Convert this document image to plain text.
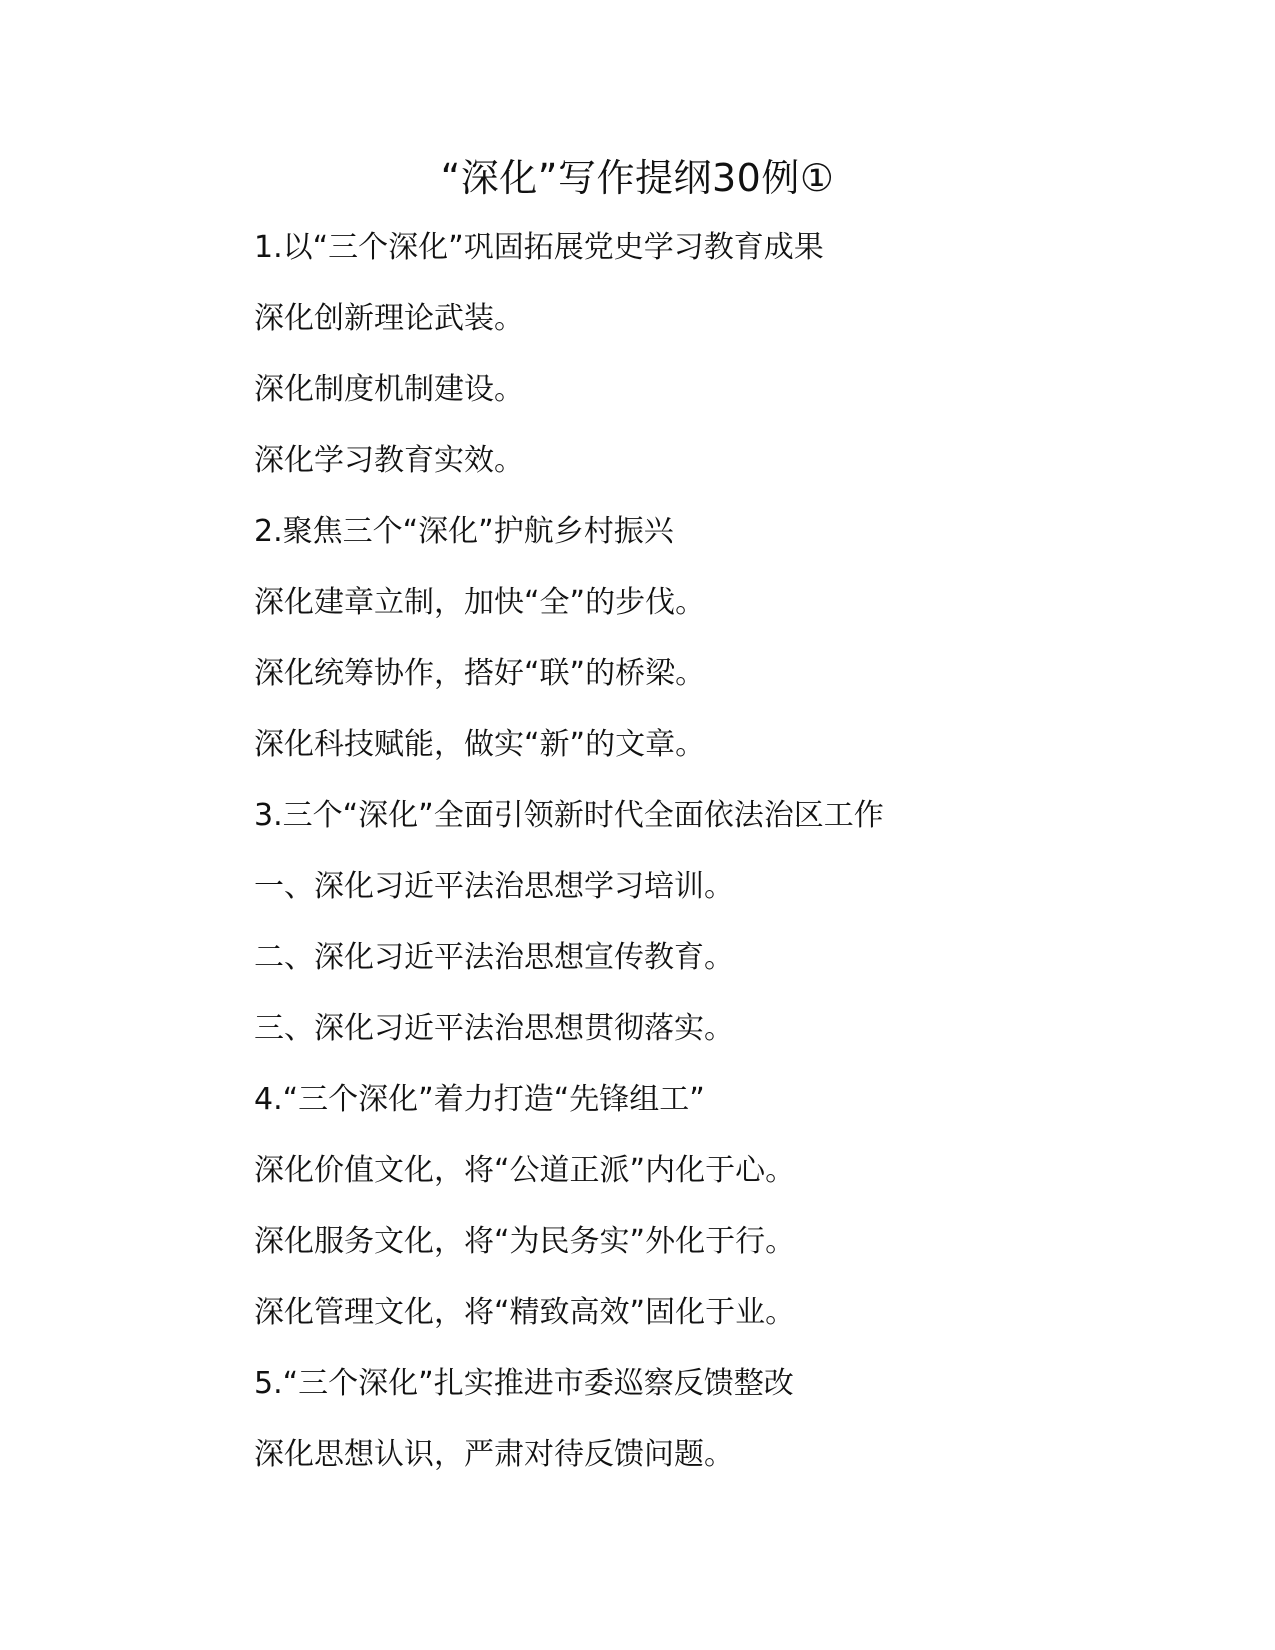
“深化”写作提纲30例①
1.以“三个深化”巩固拓展党史学习教育成果
深化创新理论武装。
深化制度机制建设。
深化学习教育实效。
2.聚焦三个“深化”护航乡村振兴
深化建章立制，加快“全”的步伐。
深化统筹协作，搭好“联”的桥梁。
深化科技赋能，做实“新”的文章。
3.三个“深化”全面引领新时代全面依法治区工作
一、深化习近平法治思想学习培训。
二、深化习近平法治思想宣传教育。
三、深化习近平法治思想贯彻落实。
4.“三个深化”着力打造“先锋组工”
深化价值文化，将“公道正派”内化于心。
深化服务文化，将“为民务实”外化于行。
深化管理文化，将“精致高效”固化于业。
5.“三个深化”扎实推进市委巡察反馈整改
深化思想认识，严肃对待反馈问题。
